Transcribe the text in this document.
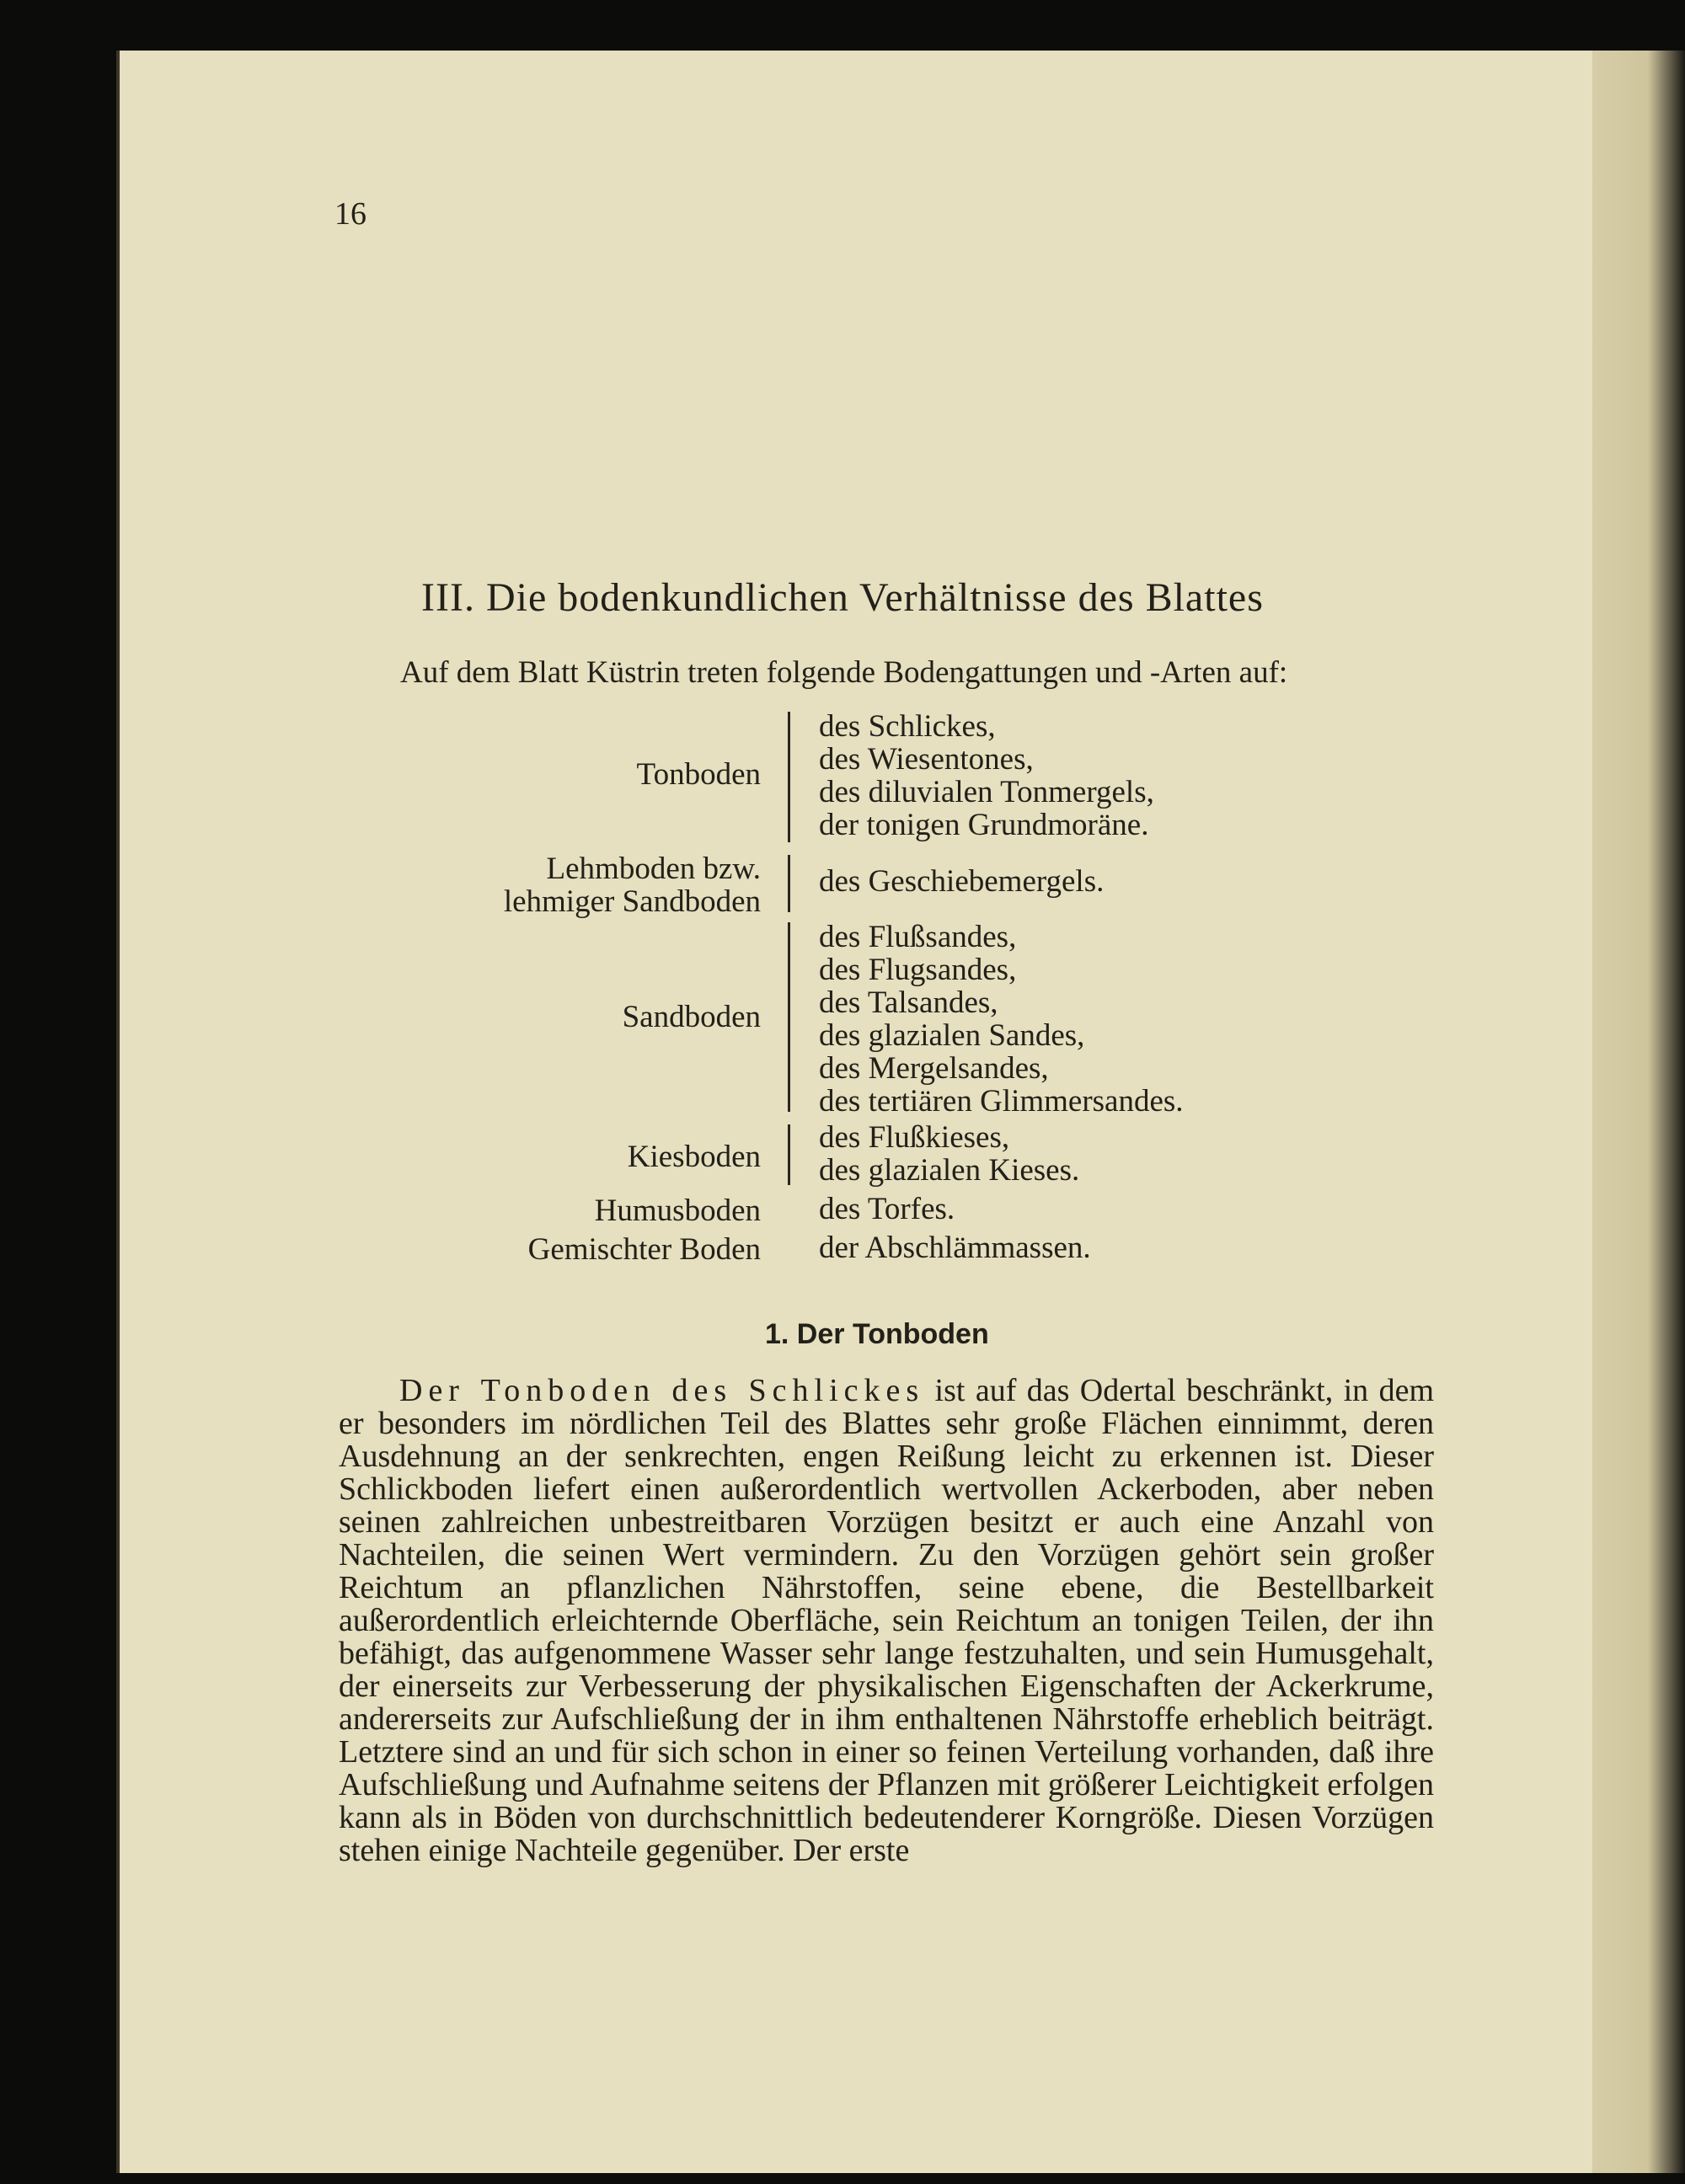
16
III. Die bodenkundlichen Verhältnisse des Blattes
Auf dem Blatt Küstrin treten folgende Bodengattungen und -Arten auf:
Tonboden
des Schlickes,
des Wiesentones,
des diluvialen Tonmergels,
der tonigen Grundmoräne.
Lehmboden bzw.
lehmiger Sandboden
des Geschiebemergels.
Sandboden
des Flußsandes,
des Flugsandes,
des Talsandes,
des glazialen Sandes,
des Mergelsandes,
des tertiären Glimmersandes.
Kiesboden
des Flußkieses,
des glazialen Kieses.
Humusboden des Torfes.
Gemischter Boden der Abschlämmassen.
1. Der Tonboden
Der Tonboden des Schlickes ist auf das Odertal beschränkt, in dem er besonders im nördlichen Teil des Blattes sehr große Flächen einnimmt, deren Ausdehnung an der senkrechten, engen Reißung leicht zu erkennen ist. Dieser Schlickboden liefert einen außerordentlich wertvollen Ackerboden, aber neben seinen zahlreichen unbestreitbaren Vorzügen besitzt er auch eine Anzahl von Nachteilen, die seinen Wert vermindern. Zu den Vorzügen gehört sein großer Reichtum an pflanzlichen Nährstoffen, seine ebene, die Bestellbarkeit außerordentlich erleichternde Oberfläche, sein Reichtum an tonigen Teilen, der ihn befähigt, das aufgenommene Wasser sehr lange festzuhalten, und sein Humusgehalt, der einerseits zur Verbesserung der physikalischen Eigenschaften der Ackerkrume, andererseits zur Aufschließung der in ihm enthaltenen Nährstoffe erheblich beiträgt. Letztere sind an und für sich schon in einer so feinen Verteilung vorhanden, daß ihre Aufschließung und Aufnahme seitens der Pflanzen mit größerer Leichtigkeit erfolgen kann als in Böden von durchschnittlich bedeutenderer Korngröße. Diesen Vorzügen stehen einige Nachteile gegenüber. Der erste
